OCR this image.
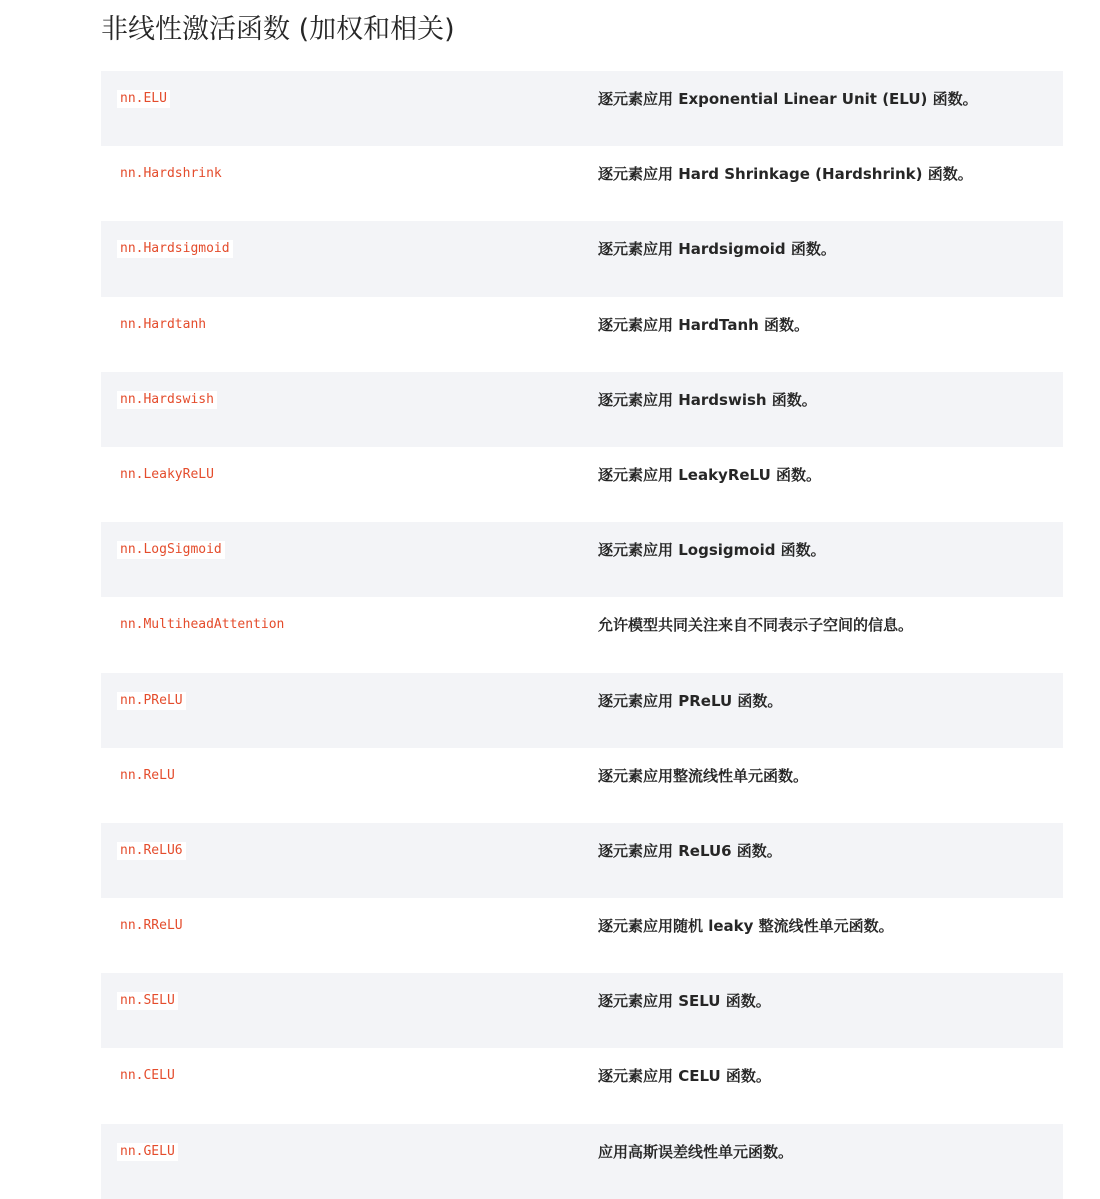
非线性激活函数 (加权和相关)
nn.ELU	逐元素应用 Exponential Linear Unit (ELU) 函数。

nn.Hardshrink	逐元素应用 Hard Shrinkage (Hardshrink) 函数。

nn.Hardsigmoid	逐元素应用 Hardsigmoid 函数。

nn.Hardtanh	逐元素应用 HardTanh 函数。

nn.Hardswish	逐元素应用 Hardswish 函数。

nn.LeakyReLU	逐元素应用 LeakyReLU 函数。

nn.LogSigmoid	逐元素应用 Logsigmoid 函数。

nn.MultiheadAttention	允许模型共同关注来自不同表示子空间的信息。

nn.PReLU	逐元素应用 PReLU 函数。

nn.ReLU	逐元素应用整流线性单元函数。

nn.ReLU6	逐元素应用 ReLU6 函数。

nn.RReLU	逐元素应用随机 leaky 整流线性单元函数。

nn.SELU	逐元素应用 SELU 函数。

nn.CELU	逐元素应用 CELU 函数。

nn.GELU	应用高斯误差线性单元函数。
